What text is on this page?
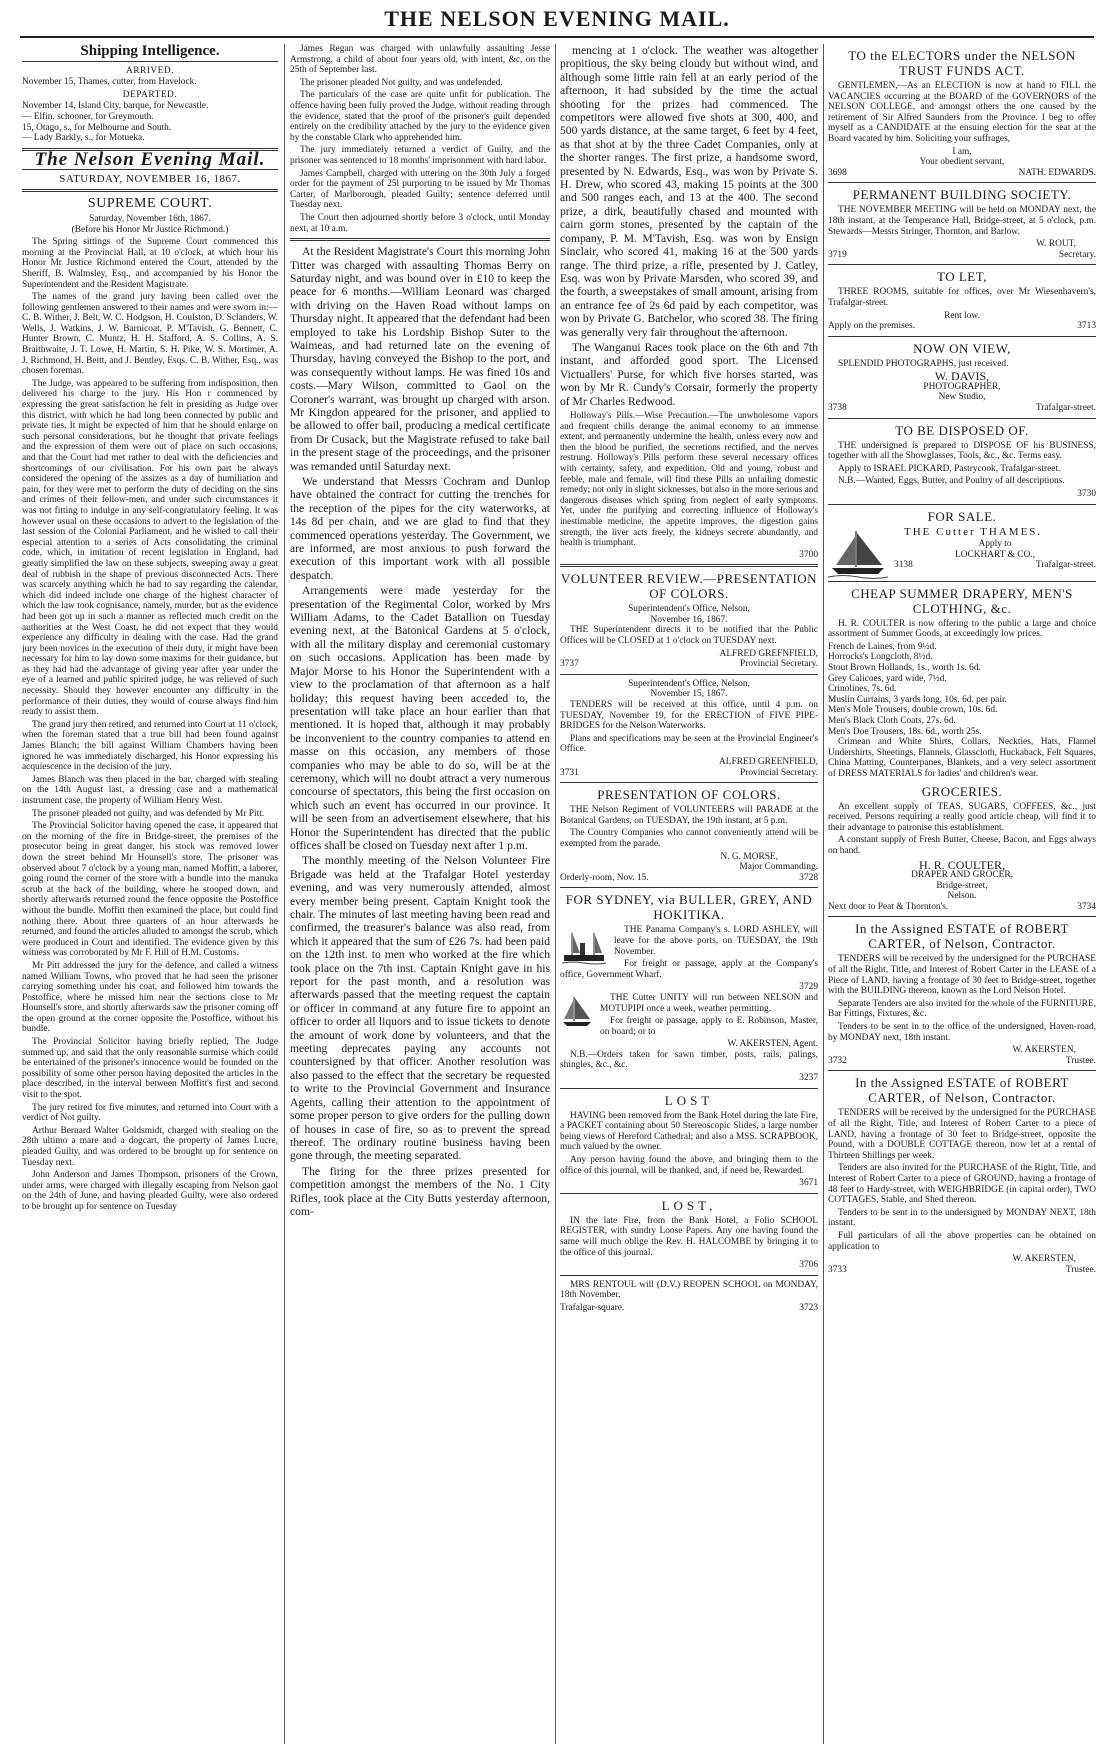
THE NELSON EVENING MAIL.
Shipping Intelligence.
ARRIVED.
November 15, Thames, cutter, from Havelock.
DEPARTED.
November 14, Island City, barque, for Newcastle.
— Elfin. schooner, for Greymouth.
15, Otago, s., for Melbourne and South.
— Lady Barkly, s., for Motueka.
The Nelson Evening Mail.
SATURDAY, NOVEMBER 16, 1867.
SUPREME COURT.
Saturday, November 16th, 1867.
(Before his Honor Mr Justice Richmond.)

The Spring sittings of the Supreme Court commenced this morning at the Provincial Hall, at 10 o'clock, at which hour his Honor Mr Justice Richmond entered the Court, attended by the Sheriff, B. Walmsley, Esq., and accompanied by his Honor the Superintendent and the Resident Magistrate.

The names of the grand jury having been called over the following gentlemen answered to their names and were sworn in:—C. B. Wither, J. Belt, W. C. Hodgson, H. Coulston, D. Sclanders, W. Wells, J. Watkins, J. W. Barnicoat, P. M'Tavish, G. Bennett, C. Hunter Brown, C. Muntz, H. H. Stafford, A. S. Collins, A. S. Braithwaite, J. T. Lowe, H. Martin, S. H. Pike, W. S. Mortimer, A. J. Richmond, H. Beitt, and J. Bentley, Esqs. C. B. Wither, Esq., was chosen foreman.

The Judge, was appeared to be suffering from indisposition, then delivered his charge to the jury. His Hon r commenced by expressing the great satisfaction he felt in presiding as Judge over this district, with which he had long been connected by public and private ties. It might be expected of him that he should enlarge on such personal considerations, but he thought that private feelings and the expression of them were out of place on such occasions, and that the Court had met rather to deal with the deficiencies and shortcomings of our civilisation. For his own part he always considered the opening of the assizes as a day of humiliation and pain, for they were met to perform the duty of deciding on the sins and crimes of their fellow-men, and under such circumstances it was not fitting to indulge in any self-congratulatory feeling. It was however usual on these occasions to advert to the legislation of the last session of the Colonial Parliament, and he wished to call their especial attention to a series of Acts consolidating the criminal code, which, in imitation of recent legislation in England, had greatly simplified the law on these subjects, sweeping away a great deal of rubbish in the shape of previous disconnected Acts. There was scarcely anything which he had to say regarding the calendar, which did indeed include one charge of the highest character of which the law took cognisance, namely, murder, but as the evidence had been got up in such a manner as reflected much credit on the authorities at the West Coast, he did not expect that they would experience any difficulty in dealing with the case. Had the grand jury been novices in the execution of their duty, it might have been necessary for him to lay down some maxims for their guidance, but as they had had the advantage of giving year after year under the eye of a learned and public spirited judge, he was relieved of such necessity. Should they however encounter any difficulty in the performance of their duties, they would of course always find him ready to assist them.

The grand jury then retired, and returned into Court at 11 o'clock, when the foreman stated that a true bill had been found against James Blanch; the bill against William Chambers having been ignored he was immediately discharged, his Honor expressing his acquiescence in the decision of the jury.

James Blanch was then placed in the bar, charged with stealing on the 14th August last, a dressing case and a mathematical instrument case, the property of William Henry West.

The prisoner pleaded not guilty, and was defended by Mr Pitt.

The Provincial Solicitor having opened the case, it appeared that on the morning of the fire in Bridge-street, the premises of the prosecutor being in great danger, his stock was removed lower down the street behind Mr Hounsell's store. The prisoner was observed about 7 o'clock by a young man, named Moffitt, a laborer, going round the corner of the store with a bundle into the manuka scrub at the back of the building, where he stooped down, and shortly afterwards returned round the fence opposite the Postoffice without the bundle. Moffitt then examined the place, but could find nothing there. About three quarters of an hour afterwards he returned, and found the articles alluded to amongst the scrub, which were produced in Court and identified. The evidence given by this witness was corroborated by Mr F. Hill of H.M. Customs.

Mr Pitt addressed the jury for the defence, and called a witness named William Towns, who proved that he had seen the prisoner carrying something under his coat, and followed him towards the Postoffice, where he missed him near the sections close to Mr Hounsell's store, and shortly afterwards saw the prisoner coming off the open ground at the corner opposite the Postoffice, without his bundle.

The Provincial Solicitor having briefly replied, The Judge summed up, and said that the only reasonable surmise which could be entertained of the prisoner's innocence would be founded on the possibility of some other person having deposited the articles in the place described, in the interval between Moffitt's first and second visit to the spot.

The jury retired for five minutes, and returned into Court with a verdict of Not guilty.

Arthur Bernard Walter Goldsmidt, charged with stealing on the 28th ultimo a mare and a dogcart, the property of James Lucre, pleaded Guilty, and was ordered to be brought up for sentence on Tuesday next.

John Anderson and James Thompson, prisoners of the Crown, under arms, were charged with illegally escaping from Nelson gaol on the 24th of June, and having pleaded Guilty, were also ordered to be brought up for sentence on Tuesday

James Regan was charged with unlawfully assaulting Jesse Armstrong, a child of about four years old, with intent, &c, on the 25th of September last.

The prisoner pleaded Not guilty, and was undefended.

The particulars of the case are quite unfit for publication. The offence having been fully proved the Judge, without reading through the evidence, stated that the proof of the prisoner's guilt depended entirely on the credibility attached by the jury to the evidence given by the constable Clark who apprehended him.

The jury immediately returned a verdict of Guilty, and the prisoner was sentenced to 18 months' imprisonment with hard labor.

James Campbell, charged with uttering on the 30th July a forged order for the payment of 25l purporting to be issued by Mr Thomas Carter, of Marlborough, pleaded Guilty; sentence deferred until Tuesday next.

The Court then adjourned shortly before 3 o'clock, until Monday next, at 10 a.m.

At the Resident Magistrate's Court this morning John Titter was charged with assaulting Thomas Berry on Saturday night, and was bound over in £10 to keep the peace for 6 months.—William Leonard was charged with driving on the Haven Road without lamps on Thursday night. It appeared that the defendant had been employed to take his Lordship Bishop Suter to the Waimeas, and had returned late on the evening of Thursday, having conveyed the Bishop to the port, and was consequently without lamps. He was fined 10s and costs.—Mary Wilson, committed to Gaol on the Coroner's warrant, was brought up charged with arson. Mr Kingdon appeared for the prisoner, and applied to be allowed to offer bail, producing a medical certificate from Dr Cusack, but the Magistrate refused to take bail in the present stage of the proceedings, and the prisoner was remanded until Saturday next.

We understand that Messrs Cochram and Dunlop have obtained the contract for cutting the trenches for the reception of the pipes for the city waterworks, at 14s 8d per chain, and we are glad to find that they commenced operations yesterday. The Government, we are informed, are most anxious to push forward the execution of this important work with all possible despatch.

Arrangements were made yesterday for the presentation of the Regimental Color, worked by Mrs William Adams, to the Cadet Batallion on Tuesday evening next, at the Batonical Gardens at 5 o'clock, with all the military display and ceremonial customary on such occasions. Application has been made by Major Morse to his Honor the Superintendent with a view to the proclamation of that afternoon as a half holiday; this request having been acceded to, the presentation will take place an hour earlier than that mentioned. It is hoped that, although it may probably be inconvenient to the country companies to attend en masse on this occasion, any members of those companies who may be able to do so, will be at the ceremony, which will no doubt attract a very numerous concourse of spectators, this being the first occasion on which such an event has occurred in our province. It will be seen from an advertisement elsewhere, that his Honor the Superintendent has directed that the public offices shall be closed on Tuesday next after 1 p.m.

The monthly meeting of the Nelson Volunteer Fire Brigade was held at the Trafalgar Hotel yesterday evening, and was very numerously attended, almost every member being present. Captain Knight took the chair. The minutes of last meeting having been read and confirmed, the treasurer's balance was also read, from which it appeared that the sum of £26 7s. had been paid on the 12th inst. to men who worked at the fire which took place on the 7th inst. Captain Knight gave in his report for the past month, and a resolution was afterwards passed that the meeting request the captain or officer in command at any future fire to appoint an officer to order all liquors and to issue tickets to denote the amount of work done by volunteers, and that the meeting deprecates paying any accounts not countersigned by that officer. Another resolution was also passed to the effect that the secretary be requested to write to the Provincial Government and Insurance Agents, calling their attention to the appointment of some proper person to give orders for the pulling down of houses in case of fire, so as to prevent the spread thereof. The ordinary routine business having been gone through, the meeting separated.

The firing for the three prizes presented for competition amongst the members of the No. 1 City Rifles, took place at the City Butts yesterday afternoon, com-

mencing at 1 o'clock. The weather was altogether propitious, the sky being cloudy but without wind, and although some little rain fell at an early period of the afternoon, it had subsided by the time the actual shooting for the prizes had commenced. The competitors were allowed five shots at 300, 400, and 500 yards distance, at the same target, 6 feet by 4 feet, as that shot at by the three Cadet Companies, only at the shorter ranges. The first prize, a handsome sword, presented by N. Edwards, Esq., was won by Private S. H. Drew, who scored 43, making 15 points at the 300 and 500 ranges each, and 13 at the 400. The second prize, a dirk, beautifully chased and mounted with cairn gorm stones, presented by the captain of the company, P. M. M'Tavish, Esq. was won by Ensign Sinclair, who scored 41, making 16 at the 500 yards range. The third prize, a rifle, presented by J. Catley, Esq. was won by Private Marsden, who scored 39, and the fourth, a sweepstakes of small amount, arising from an entrance fee of 2s 6d paid by each competitor, was won by Private G. Batchelor, who scored 38. The firing was generally very fair throughout the afternoon.

The Wanganui Races took place on the 6th and 7th instant, and afforded good sport. The Licensed Victuallers' Purse, for which five horses started, was won by Mr R. Cundy's Corsair, formerly the property of Mr Charles Redwood.

Holloway's Pills.—Wise Precaution.—The unwholesome vapors and frequent chills derange the animal economy to an immense extent, and permanently undermine the health, unless every now and then the blood be purified, the secretions rectified, and the nerves restrung. Holloway's Pills perform these several necessary offices with certainty, safety, and expedition. Old and young, robust and feeble, male and female, will find these Pills an unfailing domestic remedy; not only in slight sicknesses, but also in the more serious and dangerous diseases which spring from neglect of early symptoms. Yet, under the purifying and correcting influence of Holloway's inestimable medicine, the appetite improves, the digestion gains strength, the liver acts freely, the kidneys secrete abundantly, and health is triumphant.

3700
VOLUNTEER REVIEW.—PRESENTATION OF COLORS.
Superintendent's Office, Nelson,
November 16, 1867.

THE Superintendent directs it to be notified that the Public Offices will be CLOSED at 1 o'clock on TUESDAY next.

ALFRED GREFNFIELD,
3737	Provincial Secretary.
Superintendent's Office, Nelson,
November 15, 1867.

TENDERS will be received at this office, until 4 p.m. on TUESDAY, November 19, for the ERECTION of FIVE PIPE-BRIDGES for the Nelson Waterworks.

Plans and specifications may be seen at the Provincial Engineer's Office.

ALFRED GREENFIELD,
3731	Provincial Secretary.
PRESENTATION OF COLORS.

THE Nelson Regiment of VOLUNTEERS will PARADE at the Botanical Gardens, on TUESDAY, the 19th instant, at 5 p.m.

The Country Companies who cannot conveniently attend will be exempted from the parade.

N. G. MORSE,
Major Commanding.
Orderly-room, Nov. 15.	3728
FOR SYDNEY, via BULLER, GREY, AND HOKITIKA.

THE Panama Company's s. LORD ASHLEY, will leave for the above ports, on TUESDAY, the 19th November.

For freight or passage, apply at the Company's office, Government Wharf.

3729

THE Cutter UNITY will run between NELSON and MOTUPIPI once a week, weather permitting.

For freight or passage, apply to E. Robinson, Master, on board; or to

W. AKERSTEN, Agent.

N.B.—Orders taken for sawn timber, posts, rails, palings, shingles, &c., &c.

3237
LOST

HAVING been removed from the Bank Hotel during the late Fire, a PACKET containing about 50 Stereoscopic Slides, a large number being views of Hereford Cathedral; and also a MSS. SCRAPBOOK, much valued by the owner.

Any person having found the above, and bringing them to the office of this journal, will be thanked, and, if need be, Rewarded.

3671
LOST,

IN the late Fire, from the Bank Hotel, a Folio SCHOOL REGISTER, with sundry Loose Papers. Any one having found the same will much oblige the Rev. H. HALCOMBE by bringing it to the office of this journal.

3706

MRS RENTOUL will (D.V.) REOPEN SCHOOL on MONDAY, 18th November,

Trafalgar-square.	3723
TO the ELECTORS under the NELSON TRUST FUNDS ACT.

GENTLEMEN,—As an ELECTION is now at hand to FILL the VACANCIES occurring at the BOARD of the GOVERNORS of the NELSON COLLEGE, and amongst others the one caused by the retirement of Sir Alfred Saunders from the Province. I beg to offer myself as a CANDIDATE at the ensuing election for the seat at the Board vacated by him. Soliciting your suffrages,

I am,
Your obedient servant,
3698	NATH. EDWARDS.
PERMANENT BUILDING SOCIETY.

THE NOVEMBER MEETING will be held on MONDAY next, the 18th instant, at the Temperance Hall, Bridge-street, at 5 o'clock, p.m. Stewards—Messrs Stringer, Thornton, and Barlow.

W. ROUT,
3719	Secretary.
TO LET,

THREE ROOMS, suitable for offices, over Mr Wiesenhavern's, Trafalgar-street.

Rent low.
Apply on the premises.	3713
NOW ON VIEW,

SPLENDID PHOTOGRAPHS, just received.

W. DAVIS,
PHOTOGRAPHER,
New Studio,
3738	Trafalgar-street.
TO BE DISPOSED OF.

THE undersigned is prepared to DISPOSE OF his BUSINESS, together with all the Showglasses, Tools, &c., &c. Terms easy.

Apply to ISRAEL PICKARD, Pastrycook, Trafalgar-street.

N.B.—Wanted, Eggs, Butter, and Poultry of all descriptions.

3730
FOR SALE.

THE Cutter THAMES.

Apply to
LOCKHART & CO.,
3138	Trafalgar-street.
CHEAP SUMMER DRAPERY, MEN'S CLOTHING, &c.

H. R. COULTER is now offering to the public a large and choice assortment of Summer Goods, at exceedingly low prices.

French de Laines, from 9½d.
Horrocks's Longcloth, 8½d.
Stout Brown Hollands, 1s., worth 1s. 6d.
Grey Calicoes, yard wide, 7½d.
Crinolines, 7s. 6d.
Muslin Curtains, 3 yards long, 10s. 6d. per pair.
Men's Mole Trousers, double crown, 10s. 6d.
Men's Black Cloth Coats, 27s. 6d.
Men's Doe Trousers, 18s. 6d., worth 25s.

Crimean and White Shirts, Collars, Neckties, Hats, Flannel Undershirts, Sheetings, Flannels, Glasscloth, Huckaback, Felt Squares, China Matting, Counterpanes, Blankets, and a very select assortment of DRESS MATERIALS for ladies' and children's wear.

GROCERIES.

An excellent supply of TEAS, SUGARS, COFFEES, &c., just received. Persons requiring a really good article cheap, will find it to their advantage to patronise this establishment.

A constant supply of Fresh Butter, Cheese, Bacon, and Eggs always on hand.

H. R. COULTER,
DRAPER AND GROCER,
Bridge-street,
Nelson.
Next door to Peat & Thornton's.	3734
In the Assigned ESTATE of ROBERT CARTER, of Nelson, Contractor.

TENDERS will be received by the undersigned for the PURCHASE of all the Right, Title, and Interest of Robert Carter in the LEASE of a Piece of LAND, having a frontage of 30 feet to Bridge-street, together with the BUILDING thereon, known as the Lord Nelson Hotel.

Separate Tenders are also invited for the whole of the FURNITURE, Bar Fittings, Fixtures, &c.

Tenders to be sent in to the office of the undersigned, Haven-road, by MONDAY next, 18th instant.

W. AKERSTEN,
3732	Trustee.
In the Assigned ESTATE of ROBERT CARTER, of Nelson, Contractor.

TENDERS will be received by the undersigned for the PURCHASE of all the Right, Title, and Interest of Robert Carter to a piece of LAND, having a frontage of 30 feet to Bridge-street, opposite the Pound, with a DOUBLE COTTAGE thereon, now let at a rental of Thirteen Shillings per week.

Tenders are also invited for the PURCHASE of the Right, Title, and Interest of Robert Carter to a piece of GROUND, having a frontage of 48 feet to Hardy-street, with WEIGHBRIDGE (in capital order), TWO COTTAGES, Stable, and Shed thereon.

Tenders to be sent in to the undersigned by MONDAY NEXT, 18th instant.

Full particulars of all the above properties can be obtained on application to

W. AKERSTEN,
3733	Trustee.
